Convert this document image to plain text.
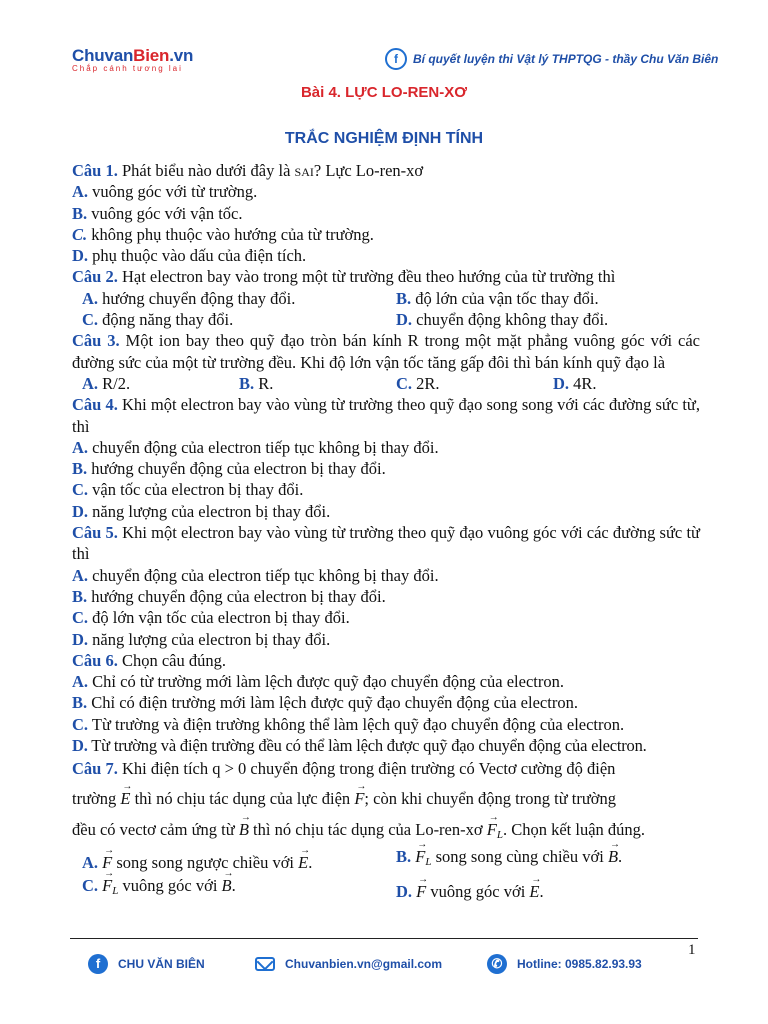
ChuvanBien.vn
Chắp cánh tương lai
f	Bí quyết luyện thi Vật lý THPTQG - thầy Chu Văn Biên
Bài 4. LỰC LO-REN-XƠ
TRẮC NGHIỆM ĐỊNH TÍNH
Câu 1. Phát biểu nào dưới đây là sai? Lực Lo-ren-xơ
A. vuông góc với từ trường.
B. vuông góc với vận tốc.
C. không phụ thuộc vào hướng của từ trường.
D. phụ thuộc vào dấu của điện tích.
Câu 2. Hạt electron bay vào trong một từ trường đều theo hướng của từ trường thì
A. hướng chuyển động thay đổi.	B. độ lớn của vận tốc thay đổi.
C. động năng thay đổi.	D. chuyển động không thay đổi.
Câu 3. Một ion bay theo quỹ đạo tròn bán kính R trong một mặt phẳng vuông góc với các đường sức của một từ trường đều. Khi độ lớn vận tốc tăng gấp đôi thì bán kính quỹ đạo là
A. R/2.	B. R.	C. 2R.	D. 4R.
Câu 4. Khi một electron bay vào vùng từ trường theo quỹ đạo song song với các đường sức từ, thì
A. chuyển động của electron tiếp tục không bị thay đổi.
B. hướng chuyển động của electron bị thay đổi.
C. vận tốc của electron bị thay đổi.
D. năng lượng của electron bị thay đổi.
Câu 5. Khi một electron bay vào vùng từ trường theo quỹ đạo vuông góc với các đường sức từ thì
A. chuyển động của electron tiếp tục không bị thay đổi.
B. hướng chuyển động của electron bị thay đổi.
C. độ lớn vận tốc của electron bị thay đổi.
D. năng lượng của electron bị thay đổi.
Câu 6. Chọn câu đúng.
A. Chỉ có từ trường mới làm lệch được quỹ đạo chuyển động của electron.
B. Chỉ có điện trường mới làm lệch được quỹ đạo chuyển động của electron.
C. Từ trường và điện trường không thể làm lệch quỹ đạo chuyển động của electron.
D. Từ trường và điện trường đều có thể làm lệch được quỹ đạo chuyển động của electron.
Câu 7. Khi điện tích q > 0 chuyển động trong điện trường có Vectơ cường độ điện
trường → E thì nó chịu tác dụng của lực điện → F; còn khi chuyển động trong từ trường
đều có vectơ cảm ứng từ → B thì nó chịu tác dụng của Lo-ren-xơ → $F_L$. Chọn kết luận đúng.
A. → F song song ngược chiều với → E.	B. → $F_L$ song song cùng chiều với → B.
C. → $F_L$ vuông góc với → B.	D. → F vuông góc với → E.
1
f	CHU VĂN BIÊN	Chuvanbien.vn@gmail.com	✆	Hotline: 0985.82.93.93
